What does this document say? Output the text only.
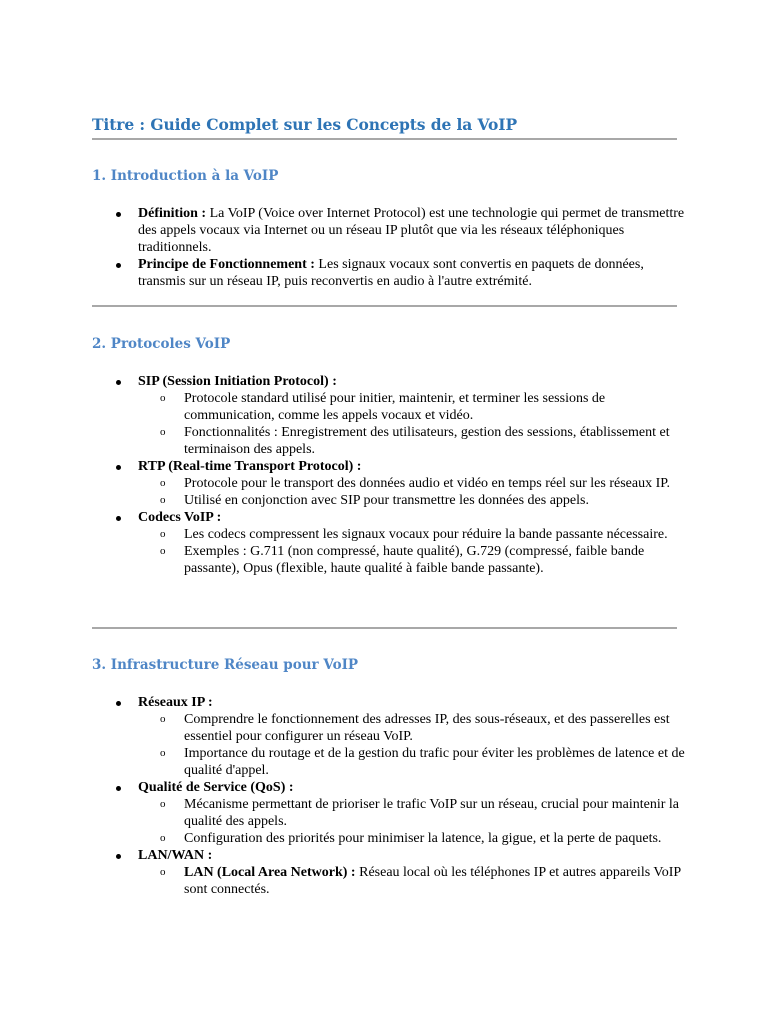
Titre : Guide Complet sur les Concepts de la VoIP
1. Introduction à la VoIP
Définition : La VoIP (Voice over Internet Protocol) est une technologie qui permet de transmettre des appels vocaux via Internet ou un réseau IP plutôt que via les réseaux téléphoniques traditionnels.
Principe de Fonctionnement : Les signaux vocaux sont convertis en paquets de données, transmis sur un réseau IP, puis reconvertis en audio à l'autre extrémité.
2. Protocoles VoIP
SIP (Session Initiation Protocol) :
o Protocole standard utilisé pour initier, maintenir, et terminer les sessions de communication, comme les appels vocaux et vidéo.
o Fonctionnalités : Enregistrement des utilisateurs, gestion des sessions, établissement et terminaison des appels.
RTP (Real-time Transport Protocol) :
o Protocole pour le transport des données audio et vidéo en temps réel sur les réseaux IP.
o Utilisé en conjonction avec SIP pour transmettre les données des appels.
Codecs VoIP :
o Les codecs compressent les signaux vocaux pour réduire la bande passante nécessaire.
o Exemples : G.711 (non compressé, haute qualité), G.729 (compressé, faible bande passante), Opus (flexible, haute qualité à faible bande passante).
3. Infrastructure Réseau pour VoIP
Réseaux IP :
o Comprendre le fonctionnement des adresses IP, des sous-réseaux, et des passerelles est essentiel pour configurer un réseau VoIP.
o Importance du routage et de la gestion du trafic pour éviter les problèmes de latence et de qualité d'appel.
Qualité de Service (QoS) :
o Mécanisme permettant de prioriser le trafic VoIP sur un réseau, crucial pour maintenir la qualité des appels.
o Configuration des priorités pour minimiser la latence, la gigue, et la perte de paquets.
LAN/WAN :
o LAN (Local Area Network) : Réseau local où les téléphones IP et autres appareils VoIP sont connectés.
